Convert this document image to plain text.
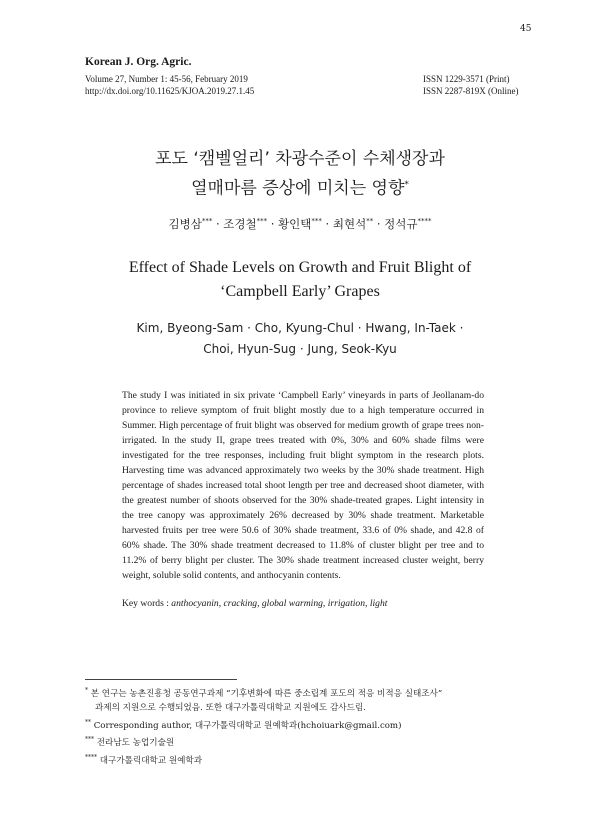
45
Korean J. Org. Agric.
Volume 27, Number 1: 45-56, February 2019
http://dx.doi.org/10.11625/KJOA.2019.27.1.45
ISSN 1229-3571 (Print)
ISSN 2287-819X (Online)
포도 ‘캠벨얼리’ 차광수준이 수체생장과
열매마름 증상에 미치는 영향*
김병삼*** · 조경철*** · 황인택*** · 최현석** · 정석규****
Effect of Shade Levels on Growth and Fruit Blight of
‘Campbell Early’ Grapes
Kim, Byeong-Sam · Cho, Kyung-Chul · Hwang, In-Taek ·
Choi, Hyun-Sug · Jung, Seok-Kyu
The study I was initiated in six private ‘Campbell Early’ vineyards in parts of Jeollanam-do province to relieve symptom of fruit blight mostly due to a high temperature occurred in Summer. High percentage of fruit blight was observed for medium growth of grape trees non-irrigated. In the study II, grape trees treated with 0%, 30% and 60% shade films were investigated for the tree responses, including fruit blight symptom in the research plots. Harvesting time was advanced approximately two weeks by the 30% shade treatment. High percentage of shades increased total shoot length per tree and decreased shoot diameter, with the greatest number of shoots observed for the 30% shade-treated grapes. Light intensity in the tree canopy was approximately 26% decreased by 30% shade treatment. Marketable harvested fruits per tree were 50.6 of 30% shade treatment, 33.6 of 0% shade, and 42.8 of 60% shade. The 30% shade treatment decreased to 11.8% of cluster blight per tree and to 11.2% of berry blight per cluster. The 30% shade treatment increased cluster weight, berry weight, soluble solid contents, and anthocyanin contents.
Key words : anthocyanin, cracking, global warming, irrigation, light
* 본 연구는 농촌진흥청 공동연구과제 “기후변화에 따른 중소립계 포도의 적응 비적응 실태조사”
과제의 지원으로 수행되었음. 또한 대구가톨릭대학교 지원에도 감사드림.
** Corresponding author, 대구가톨릭대학교 원예학과(hchoiuark@gmail.com)
*** 전라남도 농업기술원
**** 대구가톨릭대학교 원예학과
